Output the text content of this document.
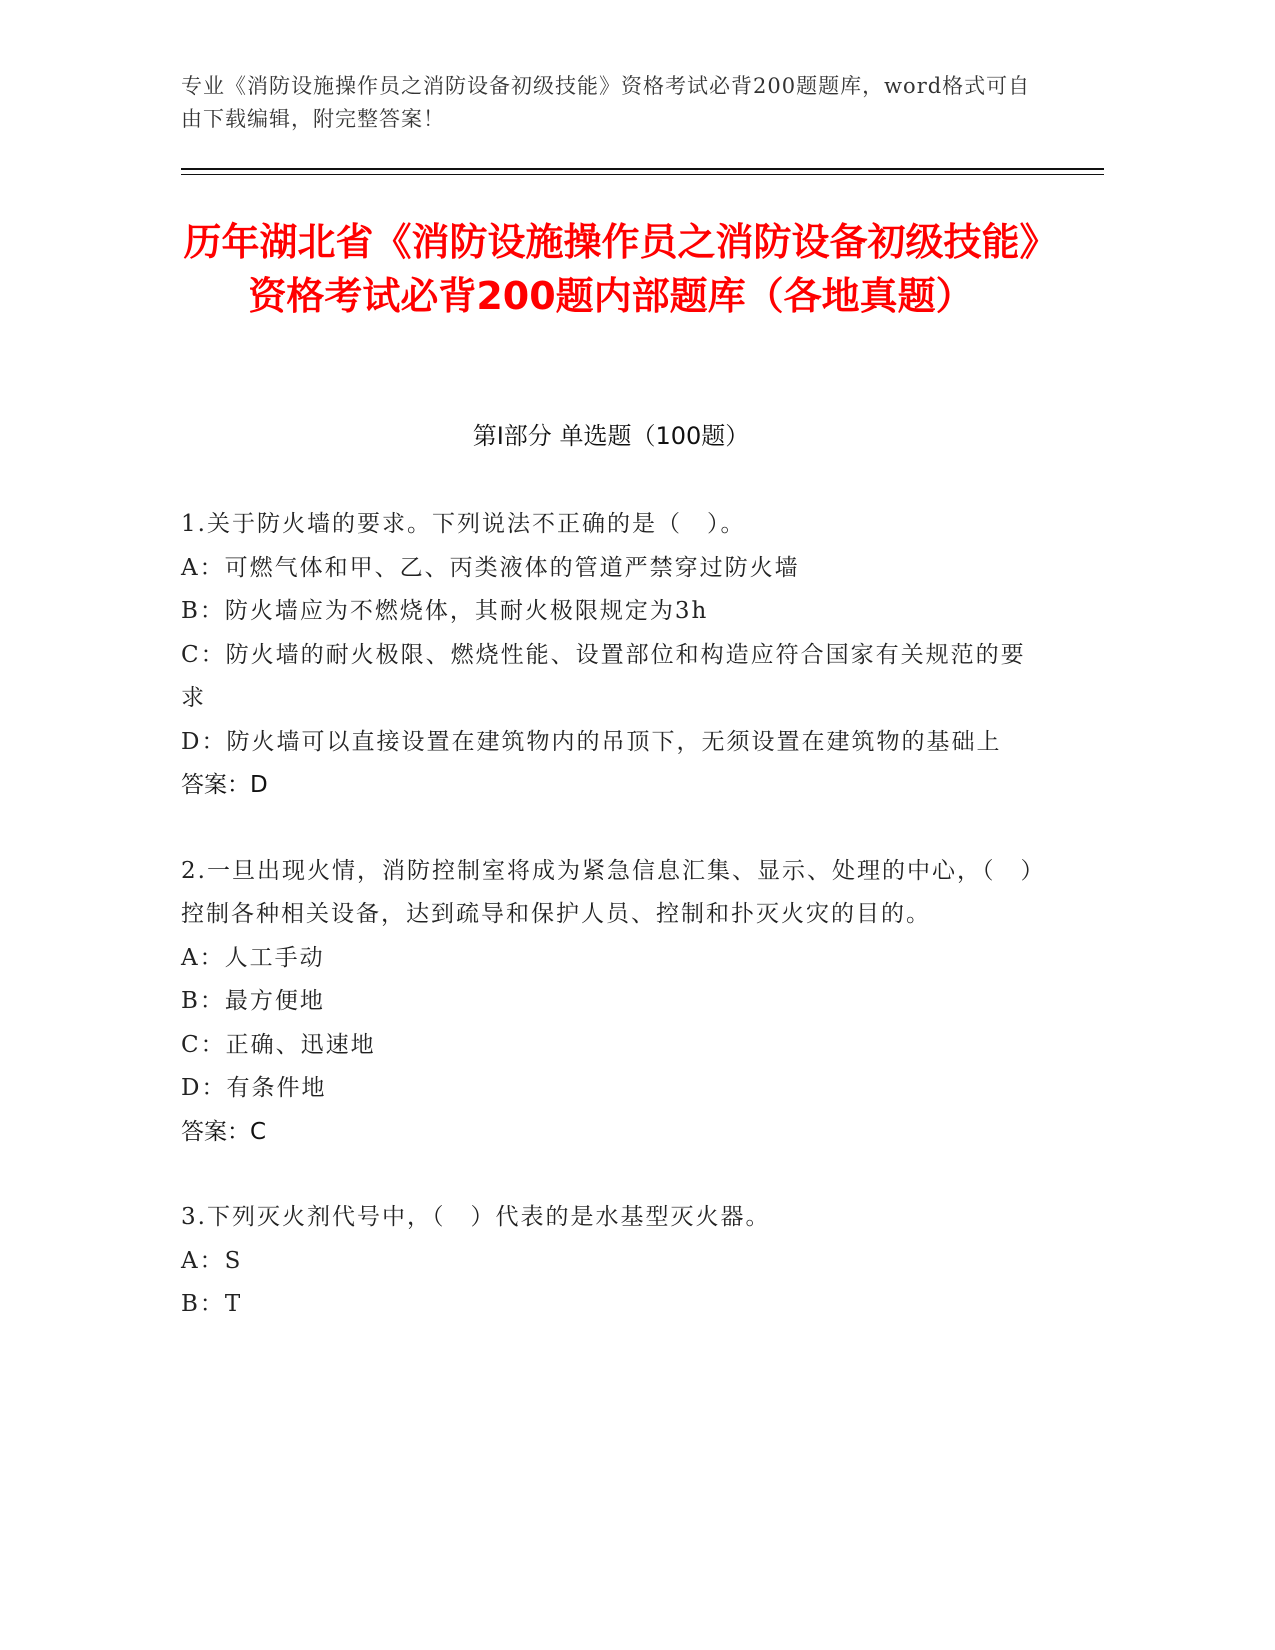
专业《消防设施操作员之消防设备初级技能》资格考试必背200题题库，word格式可自由下载编辑，附完整答案！
历年湖北省《消防设施操作员之消防设备初级技能》资格考试必背200题内部题库（各地真题）
第Ⅰ部分 单选题（100题）
1.关于防火墙的要求。下列说法不正确的是（　）。
A：可燃气体和甲、乙、丙类液体的管道严禁穿过防火墙
B：防火墙应为不燃烧体，其耐火极限规定为3h
C：防火墙的耐火极限、燃烧性能、设置部位和构造应符合国家有关规范的要求
D：防火墙可以直接设置在建筑物内的吊顶下，无须设置在建筑物的基础上
答案：D
2.一旦出现火情，消防控制室将成为紧急信息汇集、显示、处理的中心，（　）控制各种相关设备，达到疏导和保护人员、控制和扑灭火灾的目的。
A：人工手动
B：最方便地
C：正确、迅速地
D：有条件地
答案：C
3.下列灭火剂代号中，（　）代表的是水基型灭火器。
A：S
B：T
